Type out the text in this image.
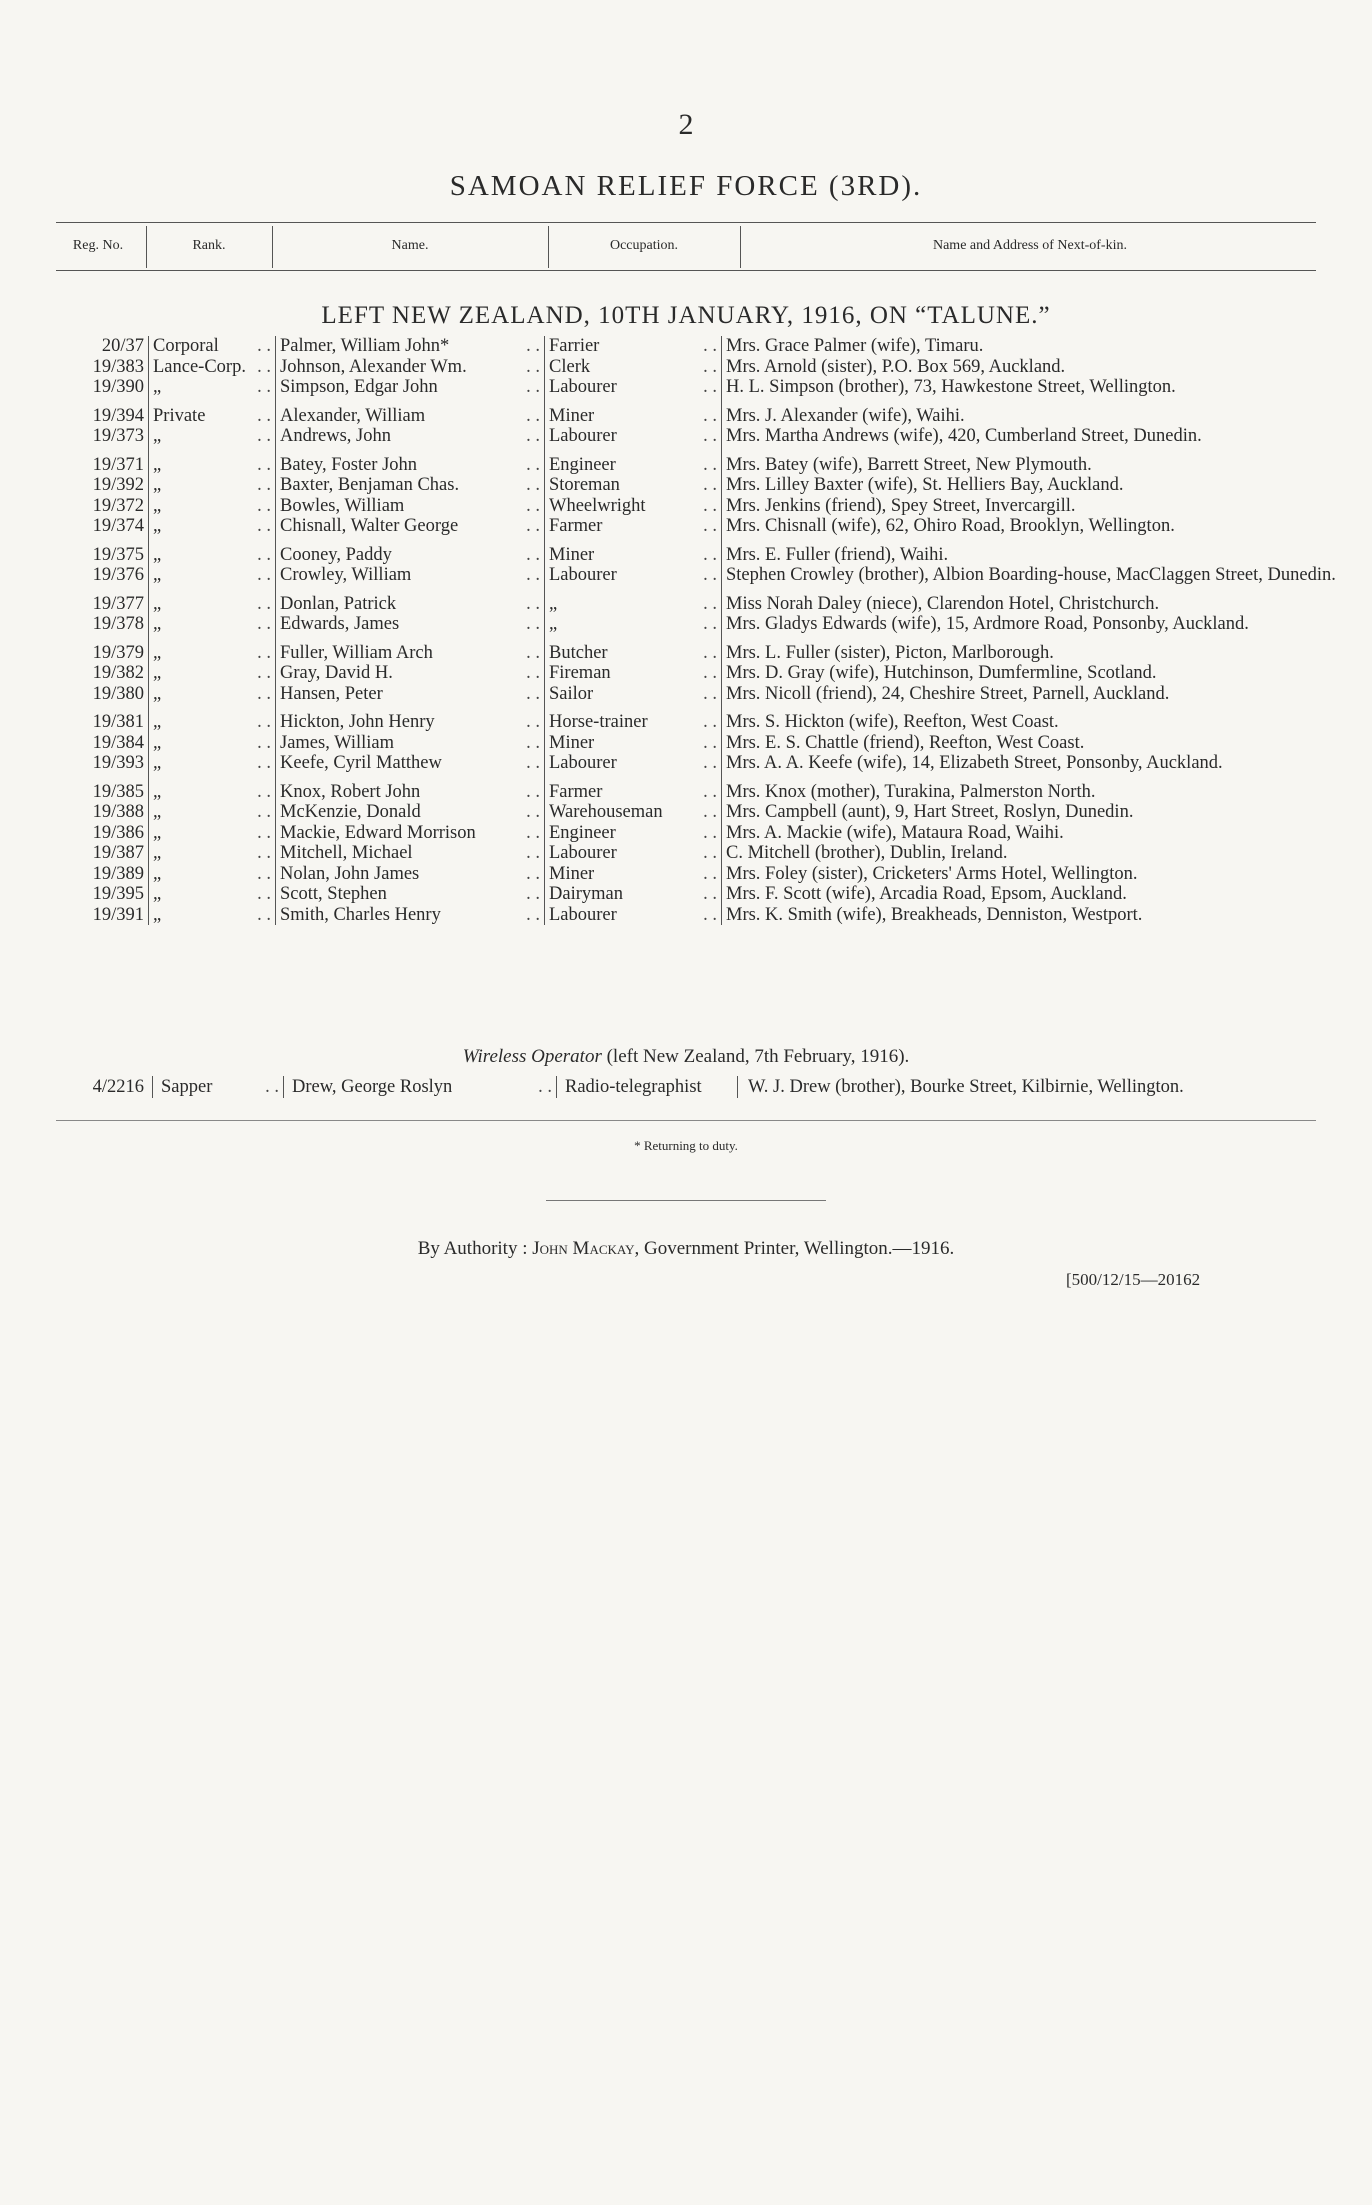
2
SAMOAN RELIEF FORCE (3RD).
Reg. No.	Rank.	Name.	Occupation.	Name and Address of Next-of-kin.
LEFT NEW ZEALAND, 10TH JANUARY, 1916, ON “TALUNE.”
20/37	Corporal . .	Palmer, William John* . .	Farrier . .	Mrs. Grace Palmer (wife), Timaru.
19/383	Lance-Corp. . .	Johnson, Alexander Wm. . .	Clerk . .	Mrs. Arnold (sister), P.O. Box 569, Auckland.
19/390	„ . .	Simpson, Edgar John . .	Labourer . .	H. L. Simpson (brother), 73, Hawkestone Street, Wellington.
19/394	Private . .	Alexander, William . .	Miner . .	Mrs. J. Alexander (wife), Waihi.
19/373	„ . .	Andrews, John . .	Labourer . .	Mrs. Martha Andrews (wife), 420, Cumberland Street, Dunedin.
19/371	„ . .	Batey, Foster John . .	Engineer . .	Mrs. Batey (wife), Barrett Street, New Plymouth.
19/392	„ . .	Baxter, Benjaman Chas. . .	Storeman . .	Mrs. Lilley Baxter (wife), St. Helliers Bay, Auckland.
19/372	„ . .	Bowles, William . .	Wheelwright . .	Mrs. Jenkins (friend), Spey Street, Invercargill.
19/374	„ . .	Chisnall, Walter George . .	Farmer . .	Mrs. Chisnall (wife), 62, Ohiro Road, Brooklyn, Wellington.
19/375	„ . .	Cooney, Paddy . .	Miner . .	Mrs. E. Fuller (friend), Waihi.
19/376	„ . .	Crowley, William . .	Labourer . .	Stephen Crowley (brother), Albion Boarding-house, MacClaggen Street, Dunedin.
19/377	„ . .	Donlan, Patrick . .	„ . .	Miss Norah Daley (niece), Clarendon Hotel, Christchurch.
19/378	„ . .	Edwards, James . .	„ . .	Mrs. Gladys Edwards (wife), 15, Ardmore Road, Ponsonby, Auckland.
19/379	„ . .	Fuller, William Arch . .	Butcher . .	Mrs. L. Fuller (sister), Picton, Marlborough.
19/382	„ . .	Gray, David H. . .	Fireman . .	Mrs. D. Gray (wife), Hutchinson, Dumfermline, Scotland.
19/380	„ . .	Hansen, Peter . .	Sailor . .	Mrs. Nicoll (friend), 24, Cheshire Street, Parnell, Auckland.
19/381	„ . .	Hickton, John Henry . .	Horse-trainer . .	Mrs. S. Hickton (wife), Reefton, West Coast.
19/384	„ . .	James, William . .	Miner . .	Mrs. E. S. Chattle (friend), Reefton, West Coast.
19/393	„ . .	Keefe, Cyril Matthew . .	Labourer . .	Mrs. A. A. Keefe (wife), 14, Elizabeth Street, Ponsonby, Auckland.
19/385	„ . .	Knox, Robert John . .	Farmer . .	Mrs. Knox (mother), Turakina, Palmerston North.
19/388	„ . .	McKenzie, Donald . .	Warehouseman . .	Mrs. Campbell (aunt), 9, Hart Street, Roslyn, Dunedin.
19/386	„ . .	Mackie, Edward Morrison . .	Engineer . .	Mrs. A. Mackie (wife), Mataura Road, Waihi.
19/387	„ . .	Mitchell, Michael . .	Labourer . .	C. Mitchell (brother), Dublin, Ireland.
19/389	„ . .	Nolan, John James . .	Miner . .	Mrs. Foley (sister), Cricketers' Arms Hotel, Wellington.
19/395	„ . .	Scott, Stephen . .	Dairyman . .	Mrs. F. Scott (wife), Arcadia Road, Epsom, Auckland.
19/391	„ . .	Smith, Charles Henry . .	Labourer . .	Mrs. K. Smith (wife), Breakheads, Denniston, Westport.
Wireless Operator (left New Zealand, 7th February, 1916).
4/2216	Sapper	. .	Drew, George Roslyn	. .	Radio-telegraphist	W. J. Drew (brother), Bourke Street, Kilbirnie, Wellington.
* Returning to duty.
By Authority : John Mackay, Government Printer, Wellington.—1916.
[500/12/15—20162
